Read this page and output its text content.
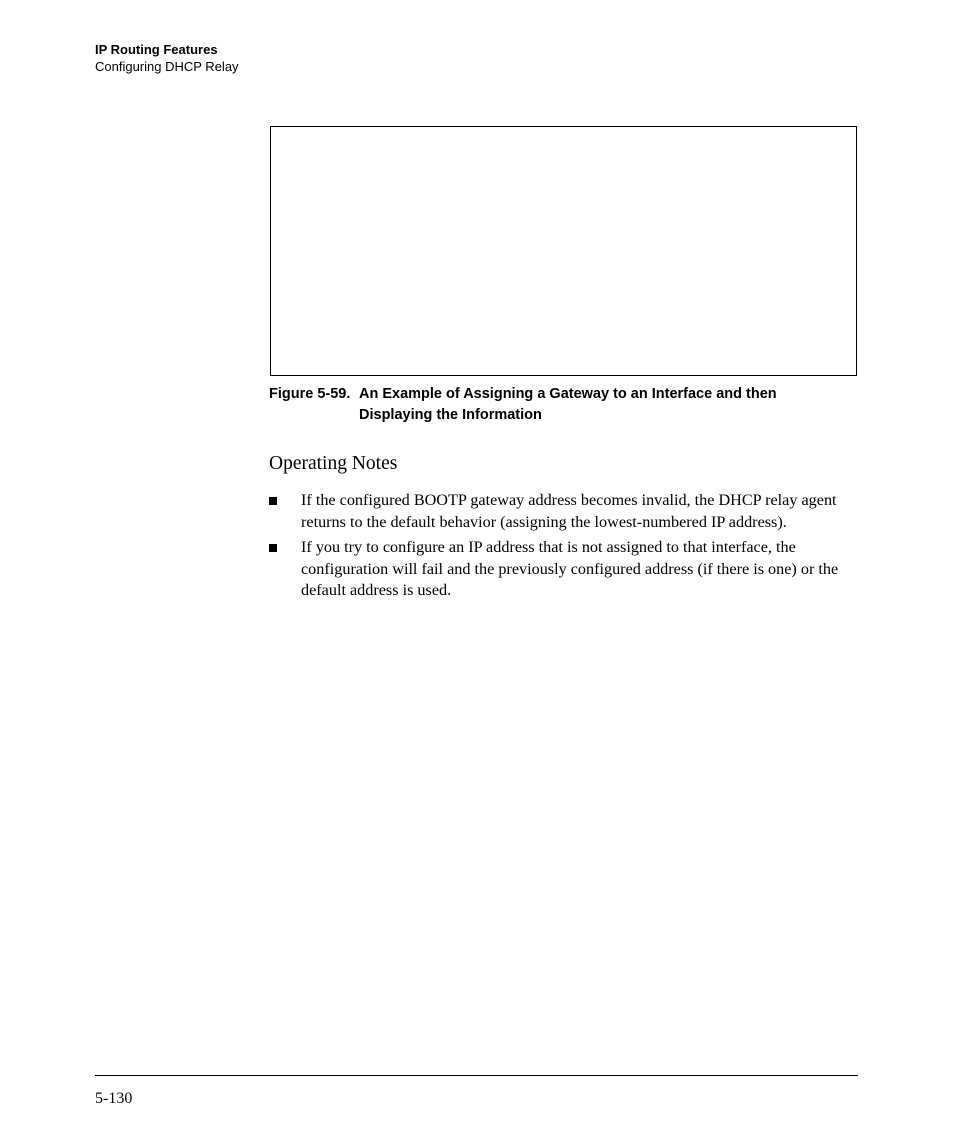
IP Routing Features
Configuring DHCP Relay
Figure 5-59. An Example of Assigning a Gateway to an Interface and then
Displaying the Information
Operating Notes
If the configured BOOTP gateway address becomes invalid, the DHCP relay agent returns to the default behavior (assigning the lowest-numbered IP address).
If you try to configure an IP address that is not assigned to that interface, the configuration will fail and the previously configured address (if there is one) or the default address is used.
5-130
